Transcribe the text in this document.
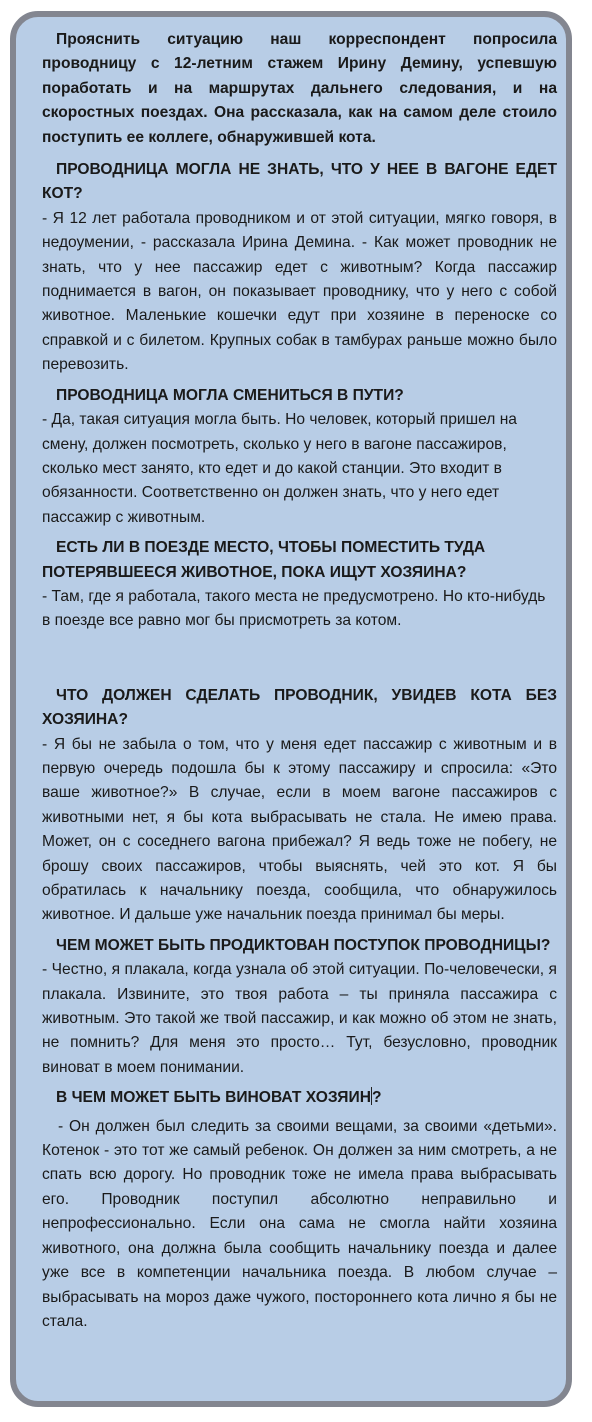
Прояснить ситуацию наш корреспондент попросила проводницу с 12-летним стажем Ирину Демину, успевшую поработать и на маршрутах дальнего следования, и на скоростных поездах. Она рассказала, как на самом деле стоило поступить ее коллеге, обнаружившей кота.

ПРОВОДНИЦА МОГЛА НЕ ЗНАТЬ, ЧТО У НЕЕ В ВАГОНЕ ЕДЕТ КОТ?

- Я 12 лет работала проводником и от этой ситуации, мягко говоря, в недоумении, - рассказала Ирина Демина. - Как может проводник не знать, что у нее пассажир едет с животным? Когда пассажир поднимается в вагон, он показывает проводнику, что у него с собой животное. Маленькие кошечки едут при хозяине в переноске со справкой и с билетом. Крупных собак в тамбурах раньше можно было перевозить.

ПРОВОДНИЦА МОГЛА СМЕНИТЬСЯ В ПУТИ?

- Да, такая ситуация могла быть. Но человек, который пришел на смену, должен посмотреть, сколько у него в вагоне пассажиров, сколько мест занято, кто едет и до какой станции. Это входит в обязанности. Соответственно он должен знать, что у него едет пассажир с животным.

ЕСТЬ ЛИ В ПОЕЗДЕ МЕСТО, ЧТОБЫ ПОМЕСТИТЬ ТУДА ПОТЕРЯВШЕЕСЯ ЖИВОТНОЕ, ПОКА ИЩУТ ХОЗЯИНА?

- Там, где я работала, такого места не предусмотрено. Но кто-нибудь в поезде все равно мог бы присмотреть за котом.

ЧТО ДОЛЖЕН СДЕЛАТЬ ПРОВОДНИК, УВИДЕВ КОТА БЕЗ ХОЗЯИНА?

- Я бы не забыла о том, что у меня едет пассажир с животным и в первую очередь подошла бы к этому пассажиру и спросила: «Это ваше животное?» В случае, если в моем вагоне пассажиров с животными нет, я бы кота выбрасывать не стала. Не имею права. Может, он с соседнего вагона прибежал? Я ведь тоже не побегу, не брошу своих пассажиров, чтобы выяснять, чей это кот. Я бы обратилась к начальнику поезда, сообщила, что обнаружилось животное. И дальше уже начальник поезда принимал бы меры.

ЧЕМ МОЖЕТ БЫТЬ ПРОДИКТОВАН ПОСТУПОК ПРОВОДНИЦЫ?

- Честно, я плакала, когда узнала об этой ситуации. По-человечески, я плакала. Извините, это твоя работа – ты приняла пассажира с животным. Это такой же твой пассажир, и как можно об этом не знать, не помнить? Для меня это просто… Тут, безусловно, проводник виноват в моем понимании.

В ЧЕМ МОЖЕТ БЫТЬ ВИНОВАТ ХОЗЯИН?

- Он должен был следить за своими вещами, за своими «детьми». Котенок - это тот же самый ребенок. Он должен за ним смотреть, а не спать всю дорогу. Но проводник тоже не имела права выбрасывать его. Проводник поступил абсолютно неправильно и непрофессионально. Если она сама не смогла найти хозяина животного, она должна была сообщить начальнику поезда и далее уже все в компетенции начальника поезда. В любом случае – выбрасывать на мороз даже чужого, постороннего кота лично я бы не стала.
